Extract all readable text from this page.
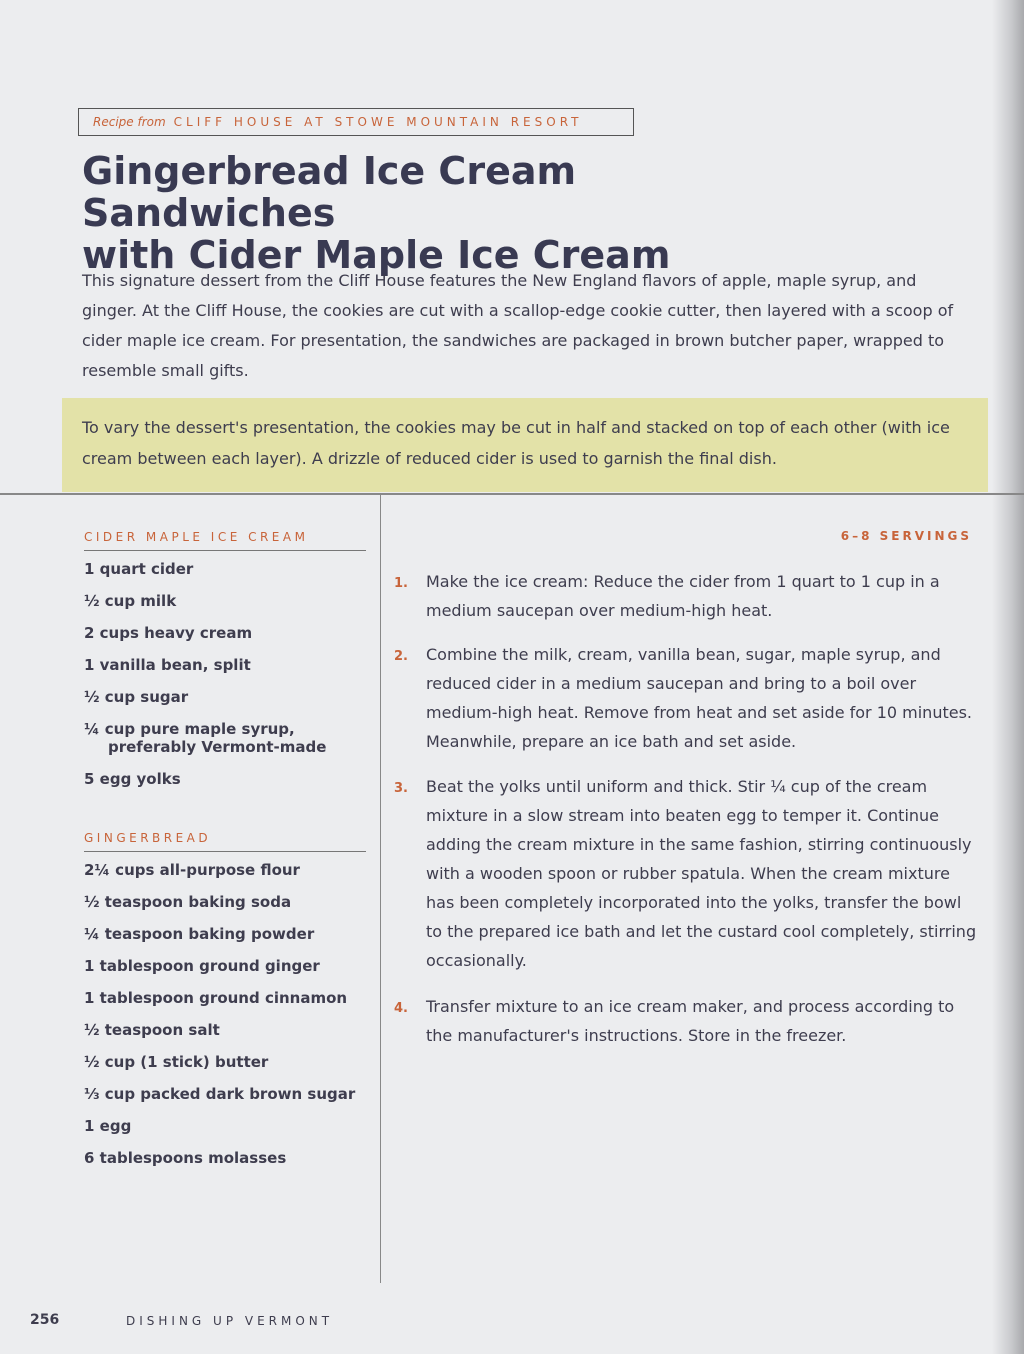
Recipe from CLIFF HOUSE AT STOWE MOUNTAIN RESORT
Gingerbread Ice Cream Sandwiches
with Cider Maple Ice Cream

This signature dessert from the Cliff House features the New England flavors of apple, maple syrup, and ginger. At the Cliff House, the cookies are cut with a scallop-edge cookie cutter, then layered with a scoop of cider maple ice cream. For presentation, the sandwiches are packaged in brown butcher paper, wrapped to resemble small gifts.

To vary the dessert's presentation, the cookies may be cut in half and stacked on top of each other (with ice cream between each layer). A drizzle of reduced cider is used to garnish the final dish.
CIDER MAPLE ICE CREAM
1 quart cider
½ cup milk
2 cups heavy cream
1 vanilla bean, split
½ cup sugar
¼ cup pure maple syrup, preferably Vermont-made
5 egg yolks
GINGERBREAD
2¼ cups all-purpose flour
½ teaspoon baking soda
¼ teaspoon baking powder
1 tablespoon ground ginger
1 tablespoon ground cinnamon
½ teaspoon salt
½ cup (1 stick) butter
⅓ cup packed dark brown sugar
1 egg
6 tablespoons molasses
6–8 SERVINGS
1.	Make the ice cream: Reduce the cider from 1 quart to 1 cup in a medium saucepan over medium-high heat.

2.	Combine the milk, cream, vanilla bean, sugar, maple syrup, and reduced cider in a medium saucepan and bring to a boil over medium-high heat. Remove from heat and set aside for 10 minutes. Meanwhile, prepare an ice bath and set aside.

3.	Beat the yolks until uniform and thick. Stir ¼ cup of the cream mixture in a slow stream into beaten egg to temper it. Continue adding the cream mixture in the same fashion, stirring continuously with a wooden spoon or rubber spatula. When the cream mixture has been completely incorporated into the yolks, transfer the bowl to the prepared ice bath and let the custard cool completely, stirring occasionally.

4.	Transfer mixture to an ice cream maker, and process according to the manufacturer's instructions. Store in the freezer.

256	DISHING UP VERMONT
